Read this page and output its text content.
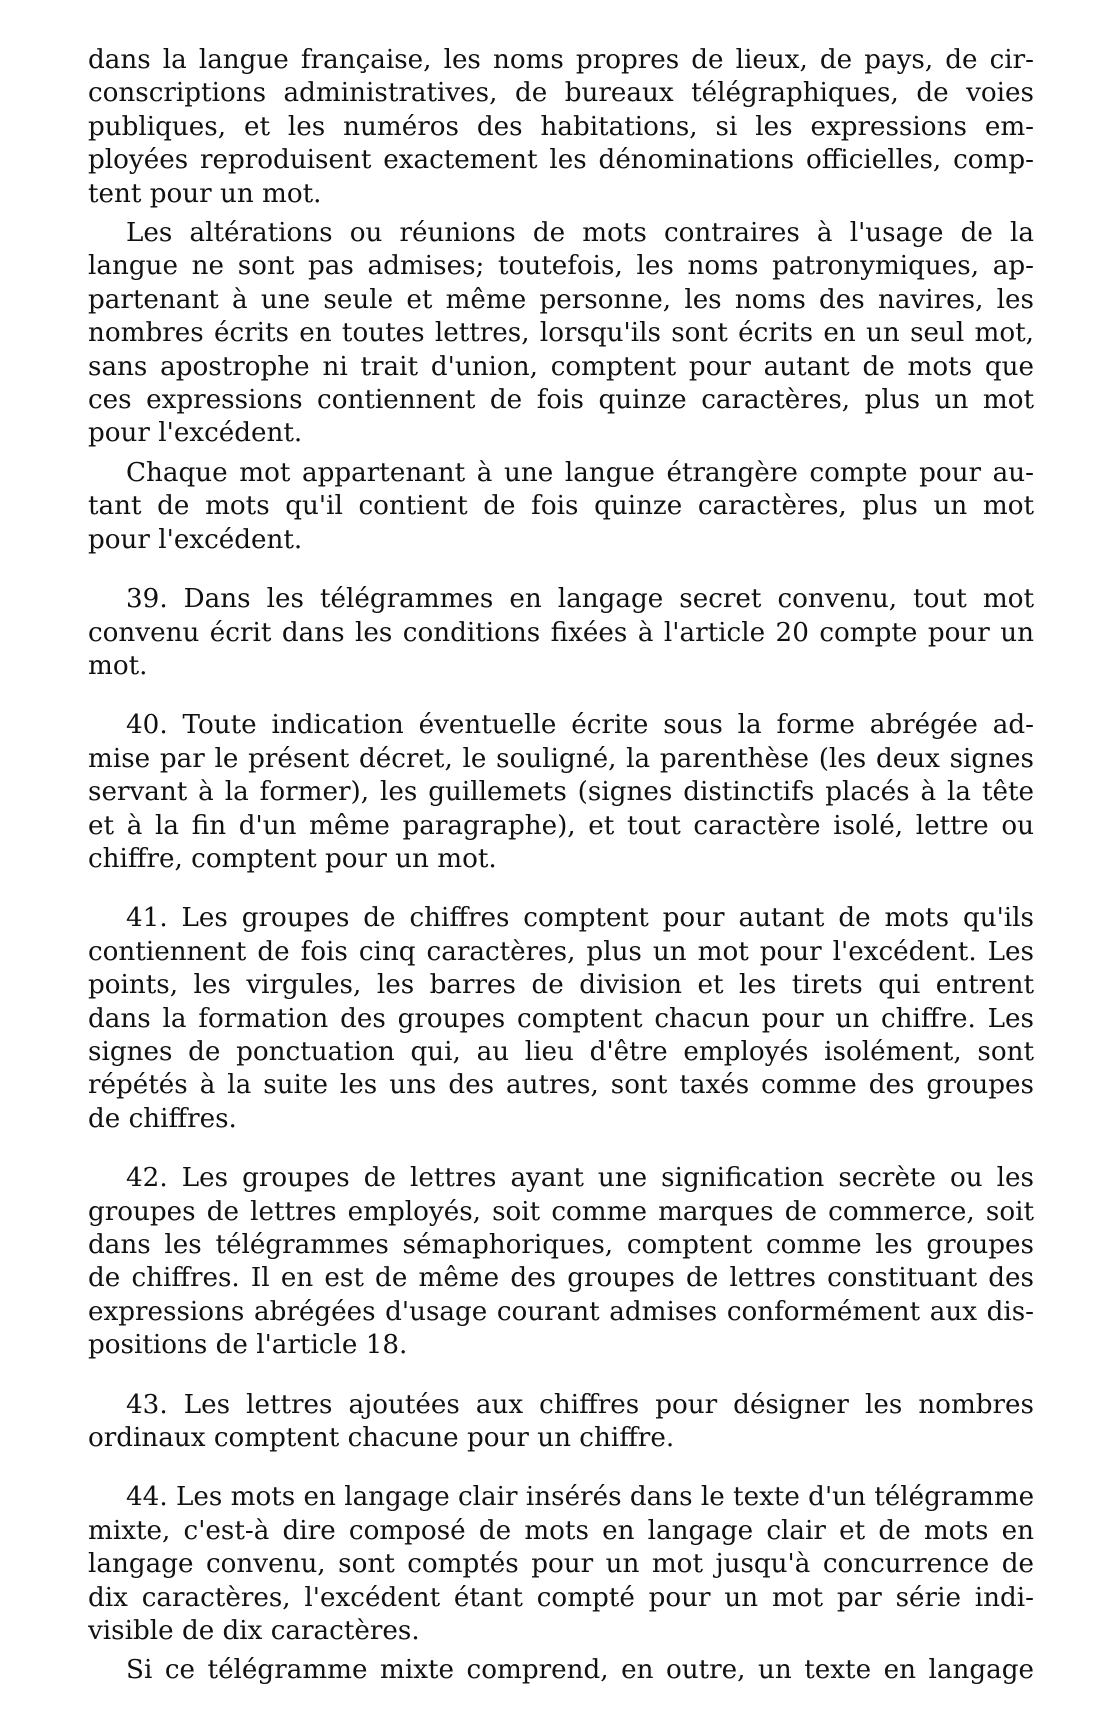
dans la langue française, les noms propres de lieux, de pays, de cir-
conscriptions administratives, de bureaux télégraphiques, de voies
publiques, et les numéros des habitations, si les expressions em-
ployées reproduisent exactement les dénominations officielles, comp-
tent pour un mot.

Les altérations ou réunions de mots contraires à l'usage de la
langue ne sont pas admises; toutefois, les noms patronymiques, ap-
partenant à une seule et même personne, les noms des navires, les
nombres écrits en toutes lettres, lorsqu'ils sont écrits en un seul mot,
sans apostrophe ni trait d'union, comptent pour autant de mots que
ces expressions contiennent de fois quinze caractères, plus un mot
pour l'excédent.

Chaque mot appartenant à une langue étrangère compte pour au-
tant de mots qu'il contient de fois quinze caractères, plus un mot
pour l'excédent.

39. Dans les télégrammes en langage secret convenu, tout mot
convenu écrit dans les conditions fixées à l'article 20 compte pour un
mot.

40. Toute indication éventuelle écrite sous la forme abrégée ad-
mise par le présent décret, le souligné, la parenthèse (les deux signes
servant à la former), les guillemets (signes distinctifs placés à la tête
et à la fin d'un même paragraphe), et tout caractère isolé, lettre ou
chiffre, comptent pour un mot.

41. Les groupes de chiffres comptent pour autant de mots qu'ils
contiennent de fois cinq caractères, plus un mot pour l'excédent. Les
points, les virgules, les barres de division et les tirets qui entrent
dans la formation des groupes comptent chacun pour un chiffre. Les
signes de ponctuation qui, au lieu d'être employés isolément, sont
répétés à la suite les uns des autres, sont taxés comme des groupes
de chiffres.

42. Les groupes de lettres ayant une signification secrète ou les
groupes de lettres employés, soit comme marques de commerce, soit
dans les télégrammes sémaphoriques, comptent comme les groupes
de chiffres. Il en est de même des groupes de lettres constituant des
expressions abrégées d'usage courant admises conformément aux dis-
positions de l'article 18.

43. Les lettres ajoutées aux chiffres pour désigner les nombres
ordinaux comptent chacune pour un chiffre.

44. Les mots en langage clair insérés dans le texte d'un télégramme
mixte, c'est-à dire composé de mots en langage clair et de mots en
langage convenu, sont comptés pour un mot jusqu'à concurrence de
dix caractères, l'excédent étant compté pour un mot par série indi-
visible de dix caractères.

Si ce télégramme mixte comprend, en outre, un texte en langage
